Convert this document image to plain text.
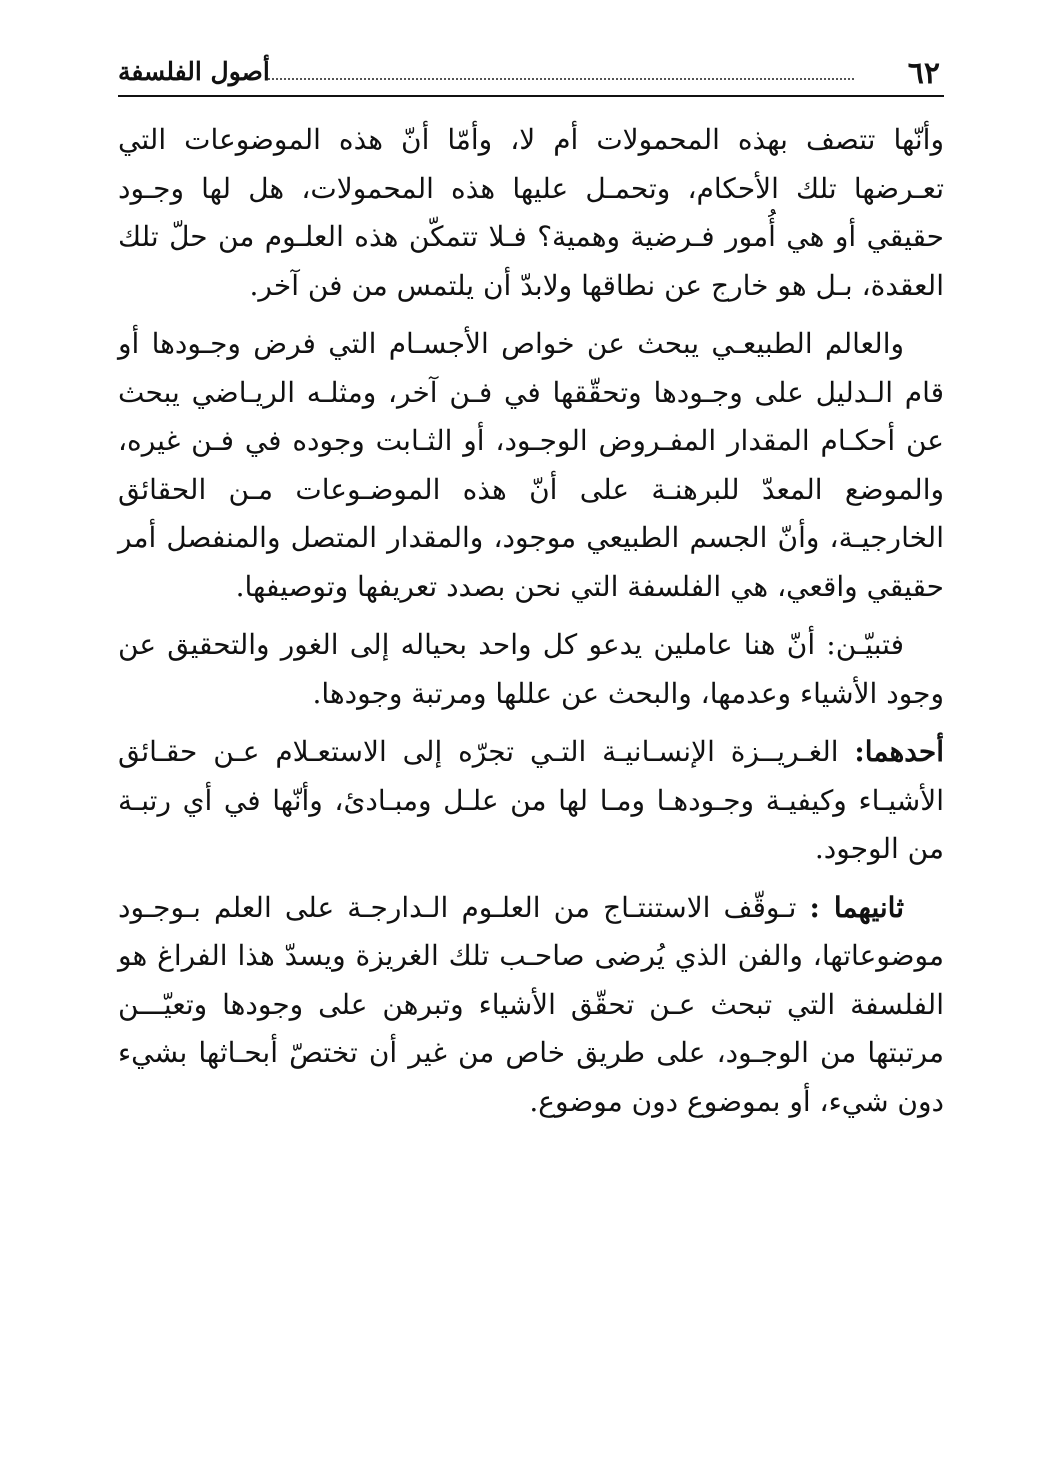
٦٢
أصول الفلسفة

وأنّها تتصف بهذه المحمولات أم لا، وأمّا أنّ هذه الموضوعات التي تعـرضها تلك الأحكام، وتحمـل عليها هذه المحمولات، هل لها وجـود حقيقي أو هي أُمور فـرضية وهمية؟ فـلا تتمكّن هذه العلـوم من حلّ تلك العقدة، بـل هو خارج عن نطاقها ولابدّ أن يلتمس من فن آخر.

والعالم الطبيعـي يبحث عن خواص الأجسـام التي فرض وجـودها أو قام الـدليل على وجـودها وتحقّقها في فـن آخر، ومثلـه الريـاضي يبحث عن أحكـام المقدار المفـروض الوجـود، أو الثـابت وجوده في فـن غيره، والموضع المعدّ للبرهنـة على أنّ هذه الموضـوعات مـن الحقائق الخارجيـة، وأنّ الجسم الطبيعي موجود، والمقدار المتصل والمنفصل أمر حقيقي واقعي، هي الفلسفة التي نحن بصدد تعريفها وتوصيفها.

فتبيّـن: أنّ هنا عاملين يدعو كل واحد بحياله إلى الغور والتحقيق عن وجود الأشياء وعدمها، والبحث عن عللها ومرتبة وجودها.

أحدهما: الغـريــزة الإنسـانيـة التـي تجرّه إلى الاستعـلام عـن حقـائق الأشيـاء وكيفيـة وجـودهـا ومـا لها من علـل ومبـادئ، وأنّها في أي رتبـة من الوجود.

ثانيهما : تـوقّف الاستنتـاج من العلـوم الـدارجـة على العلم بـوجـود موضوعاتها، والفن الذي يُرضى صاحـب تلك الغريزة ويسدّ هذا الفراغ هو الفلسفة التي تبحث عـن تحقّق الأشياء وتبرهن على وجودها وتعيّـــن مرتبتها من الوجـود، على طريق خاص من غير أن تختصّ أبحـاثها بشيء دون شيء، أو بموضوع دون موضوع.
